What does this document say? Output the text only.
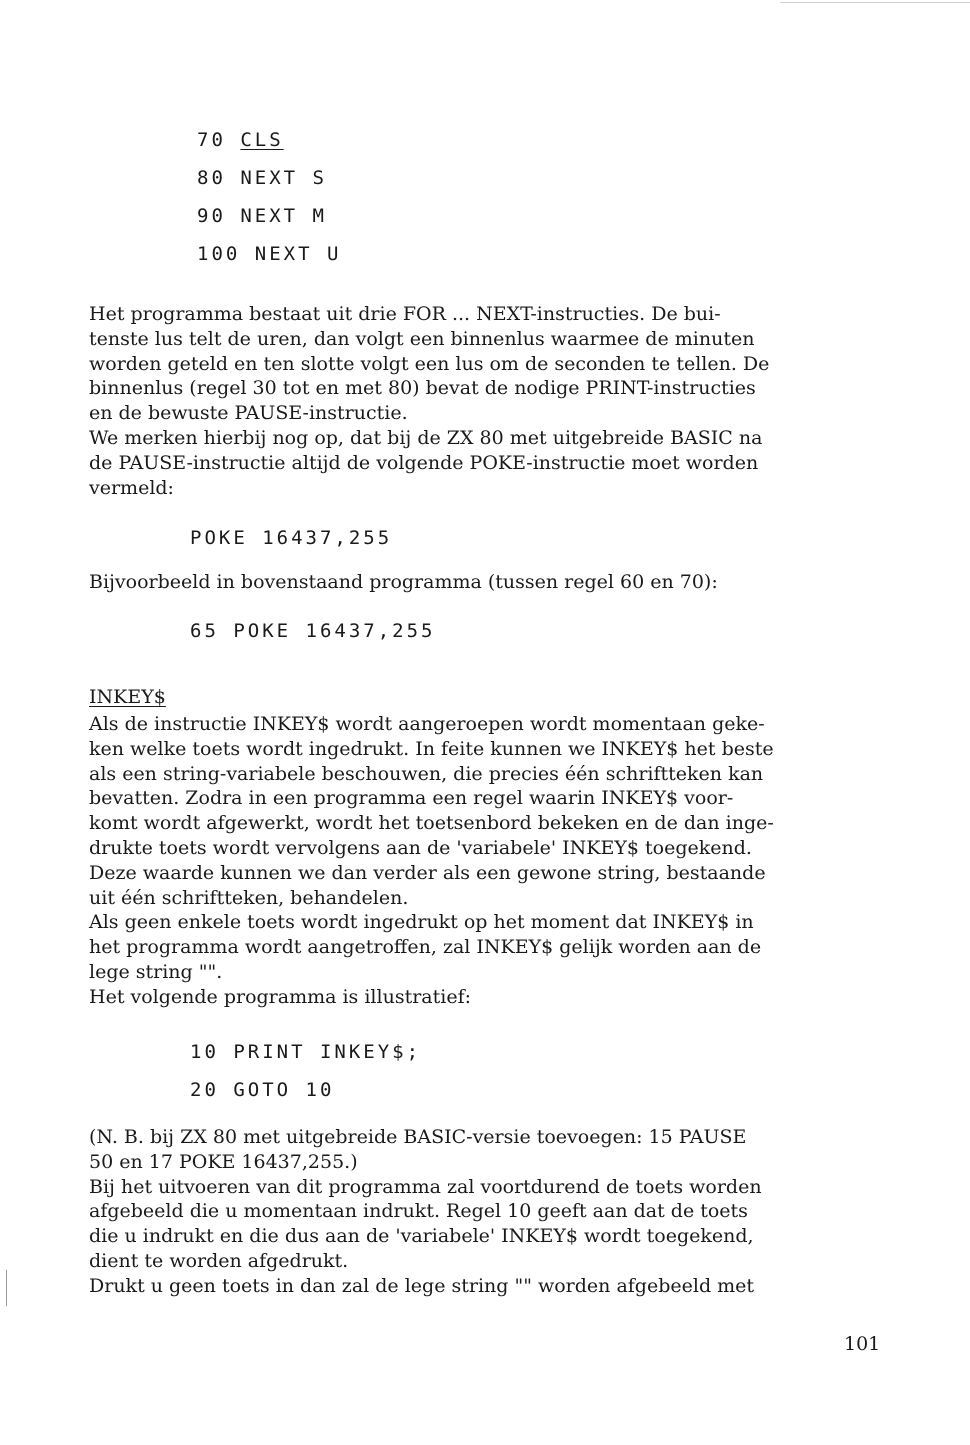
70 CLS

80 NEXT S

90 NEXT M

100 NEXT U

Het programma bestaat uit drie FOR ... NEXT-instructies. De bui-
tenste lus telt de uren, dan volgt een binnenlus waarmee de minuten
worden geteld en ten slotte volgt een lus om de seconden te tellen. De
binnenlus (regel 30 tot en met 80) bevat de nodige PRINT-instructies
en de bewuste PAUSE-instructie.
We merken hierbij nog op, dat bij de ZX 80 met uitgebreide BASIC na
de PAUSE-instructie altijd de volgende POKE-instructie moet worden
vermeld:

POKE 16437,255

Bijvoorbeeld in bovenstaand programma (tussen regel 60 en 70):

65 POKE 16437,255

INKEY$

Als de instructie INKEY$ wordt aangeroepen wordt momentaan geke-
ken welke toets wordt ingedrukt. In feite kunnen we INKEY$ het beste
als een string-variabele beschouwen, die precies één schriftteken kan
bevatten. Zodra in een programma een regel waarin INKEY$ voor-
komt wordt afgewerkt, wordt het toetsenbord bekeken en de dan inge-
drukte toets wordt vervolgens aan de 'variabele' INKEY$ toegekend.
Deze waarde kunnen we dan verder als een gewone string, bestaande
uit één schriftteken, behandelen.
Als geen enkele toets wordt ingedrukt op het moment dat INKEY$ in
het programma wordt aangetroffen, zal INKEY$ gelijk worden aan de
lege string "".
Het volgende programma is illustratief:

10 PRINT INKEY$;

20 GOTO 10

(N. B. bij ZX 80 met uitgebreide BASIC-versie toevoegen: 15 PAUSE
50 en 17 POKE 16437,255.)
Bij het uitvoeren van dit programma zal voortdurend de toets worden
afgebeeld die u momentaan indrukt. Regel 10 geeft aan dat de toets
die u indrukt en die dus aan de 'variabele' INKEY$ wordt toegekend,
dient te worden afgedrukt.
Drukt u geen toets in dan zal de lege string "" worden afgebeeld met
101
